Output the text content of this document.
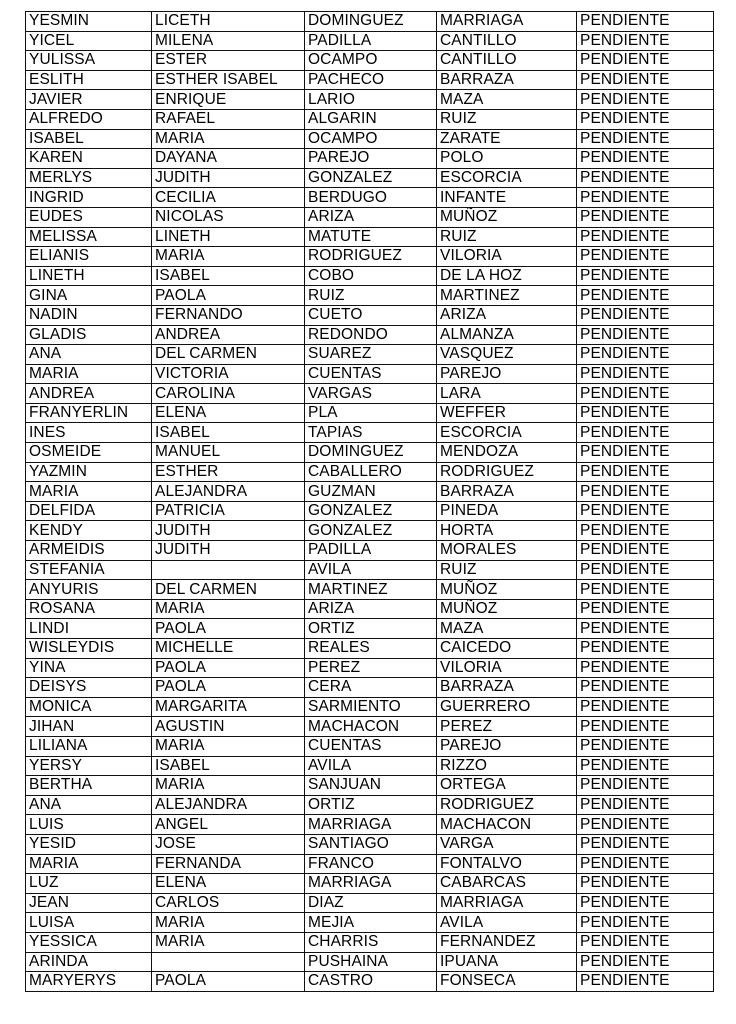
YESMIN	LICETH	DOMINGUEZ	MARRIAGA	PENDIENTE
YICEL	MILENA	PADILLA	CANTILLO	PENDIENTE
YULISSA	ESTER	OCAMPO	CANTILLO	PENDIENTE
ESLITH	ESTHER ISABEL	PACHECO	BARRAZA	PENDIENTE
JAVIER	ENRIQUE	LARIO	MAZA	PENDIENTE
ALFREDO	RAFAEL	ALGARIN	RUIZ	PENDIENTE
ISABEL	MARIA	OCAMPO	ZARATE	PENDIENTE
KAREN	DAYANA	PAREJO	POLO	PENDIENTE
MERLYS	JUDITH	GONZALEZ	ESCORCIA	PENDIENTE
INGRID	CECILIA	BERDUGO	INFANTE	PENDIENTE
EUDES	NICOLAS	ARIZA	MUÑOZ	PENDIENTE
MELISSA	LINETH	MATUTE	RUIZ	PENDIENTE
ELIANIS	MARIA	RODRIGUEZ	VILORIA	PENDIENTE
LINETH	ISABEL	COBO	DE LA HOZ	PENDIENTE
GINA	PAOLA	RUIZ	MARTINEZ	PENDIENTE
NADIN	FERNANDO	CUETO	ARIZA	PENDIENTE
GLADIS	ANDREA	REDONDO	ALMANZA	PENDIENTE
ANA	DEL CARMEN	SUAREZ	VASQUEZ	PENDIENTE
MARIA	VICTORIA	CUENTAS	PAREJO	PENDIENTE
ANDREA	CAROLINA	VARGAS	LARA	PENDIENTE
FRANYERLIN	ELENA	PLA	WEFFER	PENDIENTE
INES	ISABEL	TAPIAS	ESCORCIA	PENDIENTE
OSMEIDE	MANUEL	DOMINGUEZ	MENDOZA	PENDIENTE
YAZMIN	ESTHER	CABALLERO	RODRIGUEZ	PENDIENTE
MARIA	ALEJANDRA	GUZMAN	BARRAZA	PENDIENTE
DELFIDA	PATRICIA	GONZALEZ	PINEDA	PENDIENTE
KENDY	JUDITH	GONZALEZ	HORTA	PENDIENTE
ARMEIDIS	JUDITH	PADILLA	MORALES	PENDIENTE
STEFANIA		AVILA	RUIZ	PENDIENTE
ANYURIS	DEL CARMEN	MARTINEZ	MUÑOZ	PENDIENTE
ROSANA	MARIA	ARIZA	MUÑOZ	PENDIENTE
LINDI	PAOLA	ORTIZ	MAZA	PENDIENTE
WISLEYDIS	MICHELLE	REALES	CAICEDO	PENDIENTE
YINA	PAOLA	PEREZ	VILORIA	PENDIENTE
DEISYS	PAOLA	CERA	BARRAZA	PENDIENTE
MONICA	MARGARITA	SARMIENTO	GUERRERO	PENDIENTE
JIHAN	AGUSTIN	MACHACON	PEREZ	PENDIENTE
LILIANA	MARIA	CUENTAS	PAREJO	PENDIENTE
YERSY	ISABEL	AVILA	RIZZO	PENDIENTE
BERTHA	MARIA	SANJUAN	ORTEGA	PENDIENTE
ANA	ALEJANDRA	ORTIZ	RODRIGUEZ	PENDIENTE
LUIS	ANGEL	MARRIAGA	MACHACON	PENDIENTE
YESID	JOSE	SANTIAGO	VARGA	PENDIENTE
MARIA	FERNANDA	FRANCO	FONTALVO	PENDIENTE
LUZ	ELENA	MARRIAGA	CABARCAS	PENDIENTE
JEAN	CARLOS	DIAZ	MARRIAGA	PENDIENTE
LUISA	MARIA	MEJIA	AVILA	PENDIENTE
YESSICA	MARIA	CHARRIS	FERNANDEZ	PENDIENTE
ARINDA		PUSHAINA	IPUANA	PENDIENTE
MARYERYS	PAOLA	CASTRO	FONSECA	PENDIENTE
